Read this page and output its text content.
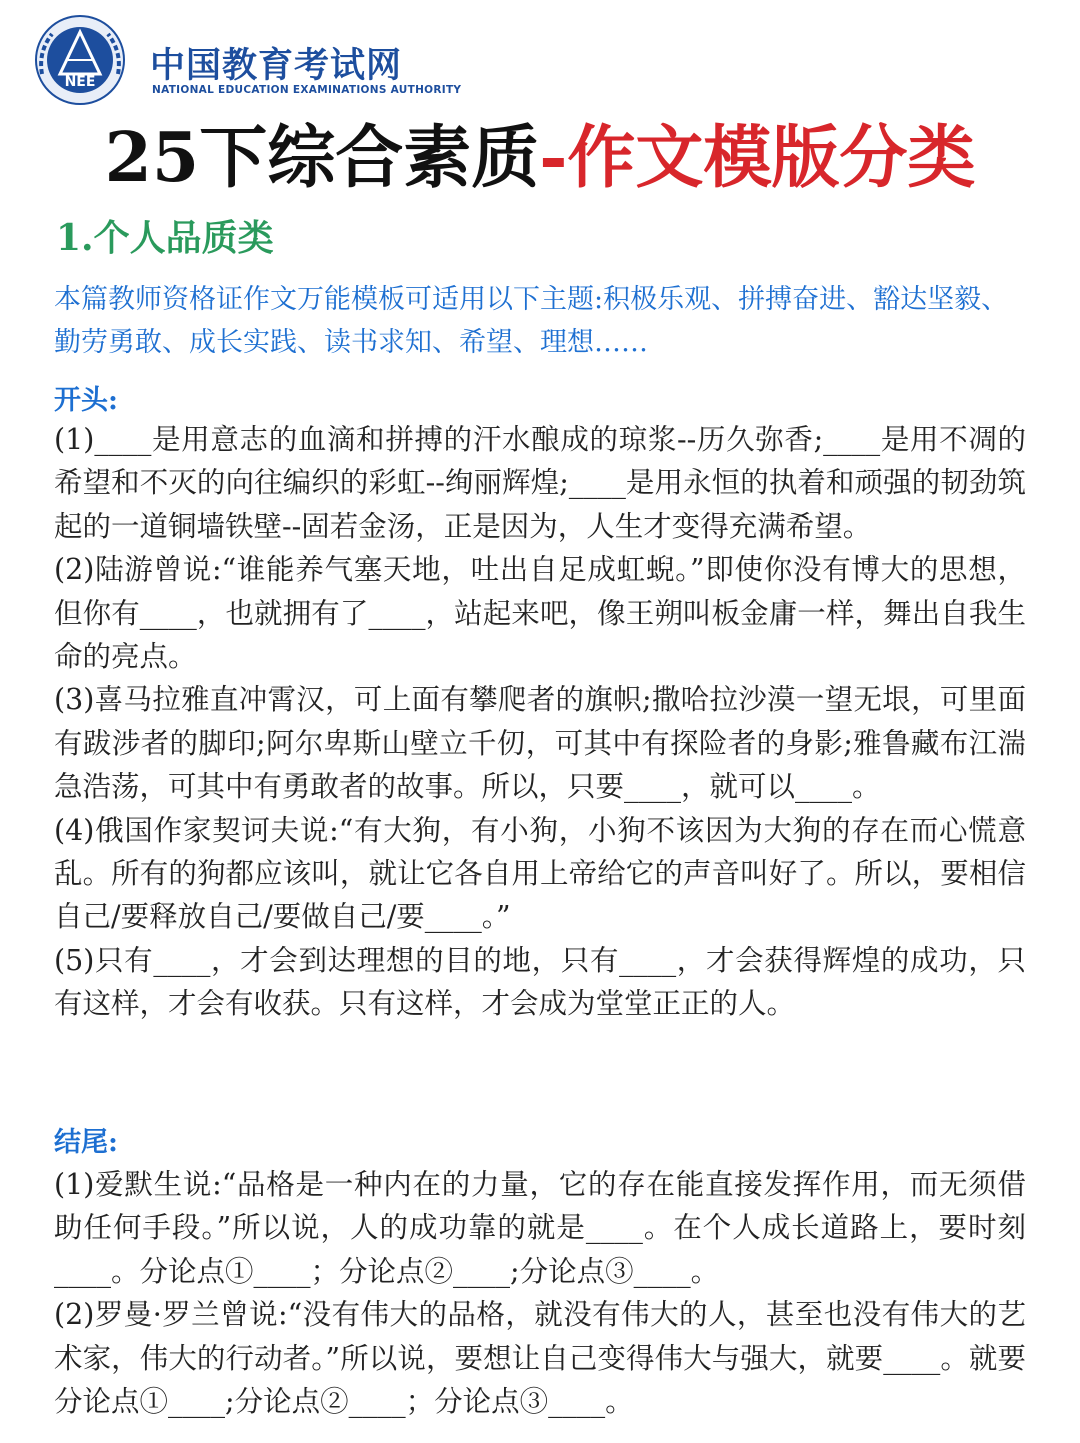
NEE 中国教育考试网
NATIONAL EDUCATION EXAMINATIONS AUTHORITY
25下综合素质-作文模版分类
1.个人品质类
本篇教师资格证作文万能模板可适用以下主题:积极乐观、拼搏奋进、豁达坚毅、勤劳勇敢、成长实践、读书求知、希望、理想……
开头:

(1)____是用意志的血滴和拼搏的汗水酿成的琼浆--历久弥香;____是用不凋的希望和不灭的向往编织的彩虹--绚丽辉煌;____是用永恒的执着和顽强的韧劲筑起的一道铜墙铁壁--固若金汤，正是因为，人生才变得充满希望。

(2)陆游曾说:“谁能养气塞天地，吐出自足成虹蜺。”即使你没有博大的思想，但你有____，也就拥有了____，站起来吧，像王朔叫板金庸一样，舞出自我生命的亮点。

(3)喜马拉雅直冲霄汉，可上面有攀爬者的旗帜;撒哈拉沙漠一望无垠，可里面有跋涉者的脚印;阿尔卑斯山壁立千仞，可其中有探险者的身影;雅鲁藏布江湍急浩荡，可其中有勇敢者的故事。所以，只要____，就可以____。

(4)俄国作家契诃夫说:“有大狗，有小狗，小狗不该因为大狗的存在而心慌意乱。所有的狗都应该叫，就让它各自用上帝给它的声音叫好了。所以，要相信自己/要释放自己/要做自己/要____。”

(5)只有____，才会到达理想的目的地，只有____，才会获得辉煌的成功，只有这样，才会有收获。只有这样，才会成为堂堂正正的人。

结尾:

(1)爱默生说:“品格是一种内在的力量，它的存在能直接发挥作用，而无须借助任何手段。”所以说，人的成功靠的就是____。在个人成长道路上，要时刻____。分论点①____；分论点②____;分论点③____。

(2)罗曼·罗兰曾说:“没有伟大的品格，就没有伟大的人，甚至也没有伟大的艺术家，伟大的行动者。”所以说，要想让自己变得伟大与强大，就要____。就要分论点①____;分论点②____；分论点③____。
